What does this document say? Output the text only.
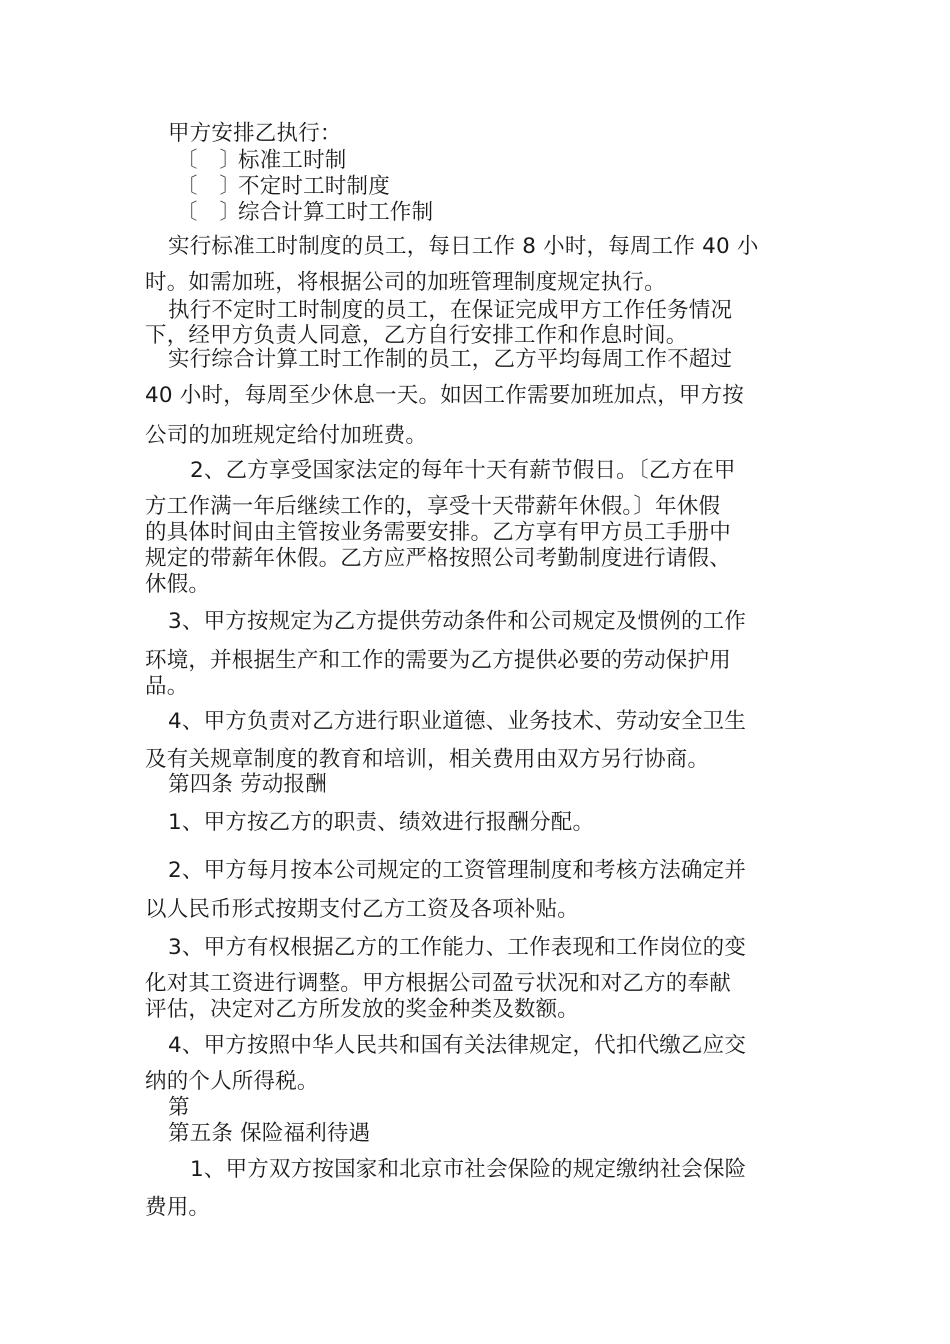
甲方安排乙执行：
〔　〕标准工时制
〔　〕不定时工时制度
〔　〕综合计算工时工作制
实行标准工时制度的员工，每日工作 8 小时，每周工作 40 小
时。如需加班，将根据公司的加班管理制度规定执行。
执行不定时工时制度的员工，在保证完成甲方工作任务情况
下，经甲方负责人同意，乙方自行安排工作和作息时间。
实行综合计算工时工作制的员工，乙方平均每周工作不超过
40 小时，每周至少休息一天。如因工作需要加班加点，甲方按
公司的加班规定给付加班费。
2、乙方享受国家法定的每年十天有薪节假日。〔乙方在甲
方工作满一年后继续工作的，享受十天带薪年休假。〕年休假
的具体时间由主管按业务需要安排。乙方享有甲方员工手册中
规定的带薪年休假。乙方应严格按照公司考勤制度进行请假、
休假。
3、甲方按规定为乙方提供劳动条件和公司规定及惯例的工作
环境，并根据生产和工作的需要为乙方提供必要的劳动保护用
品。
4、甲方负责对乙方进行职业道德、业务技术、劳动安全卫生
及有关规章制度的教育和培训，相关费用由双方另行协商。
第四条 劳动报酬
1、甲方按乙方的职责、绩效进行报酬分配。
2、甲方每月按本公司规定的工资管理制度和考核方法确定并
以人民币形式按期支付乙方工资及各项补贴。
3、甲方有权根据乙方的工作能力、工作表现和工作岗位的变
化对其工资进行调整。甲方根据公司盈亏状况和对乙方的奉献
评估，决定对乙方所发放的奖金种类及数额。
4、甲方按照中华人民共和国有关法律规定，代扣代缴乙应交
纳的个人所得税。
第
第五条 保险福利待遇
1、甲方双方按国家和北京市社会保险的规定缴纳社会保险
费用。
